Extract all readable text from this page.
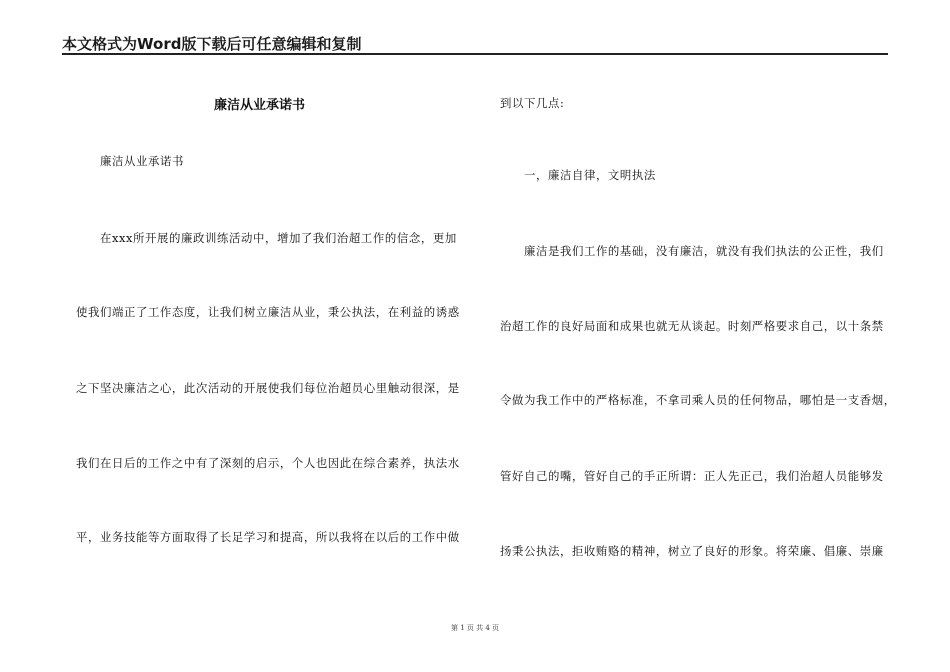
本文格式为Word版下载后可任意编辑和复制
廉洁从业承诺书
廉洁从业承诺书
在xxx所开展的廉政训练活动中，增加了我们治超工作的信念，更加
使我们端正了工作态度，让我们树立廉洁从业，秉公执法，在利益的诱惑
之下坚决廉洁之心，此次活动的开展使我们每位治超员心里触动很深，是
我们在日后的工作之中有了深刻的启示，个人也因此在综合素养，执法水
平，业务技能等方面取得了长足学习和提高，所以我将在以后的工作中做
到以下几点:
一，廉洁自律，文明执法
廉洁是我们工作的基础，没有廉洁，就没有我们执法的公正性，我们
治超工作的良好局面和成果也就无从谈起。时刻严格要求自己，以十条禁
令做为我工作中的严格标准，不拿司乘人员的任何物品，哪怕是一支香烟，
管好自己的嘴，管好自己的手正所谓：正人先正己，我们治超人员能够发
扬秉公执法，拒收贿赂的精神，树立了良好的形象。将荣廉、倡廉、崇廉
第 1 页 共 4 页
